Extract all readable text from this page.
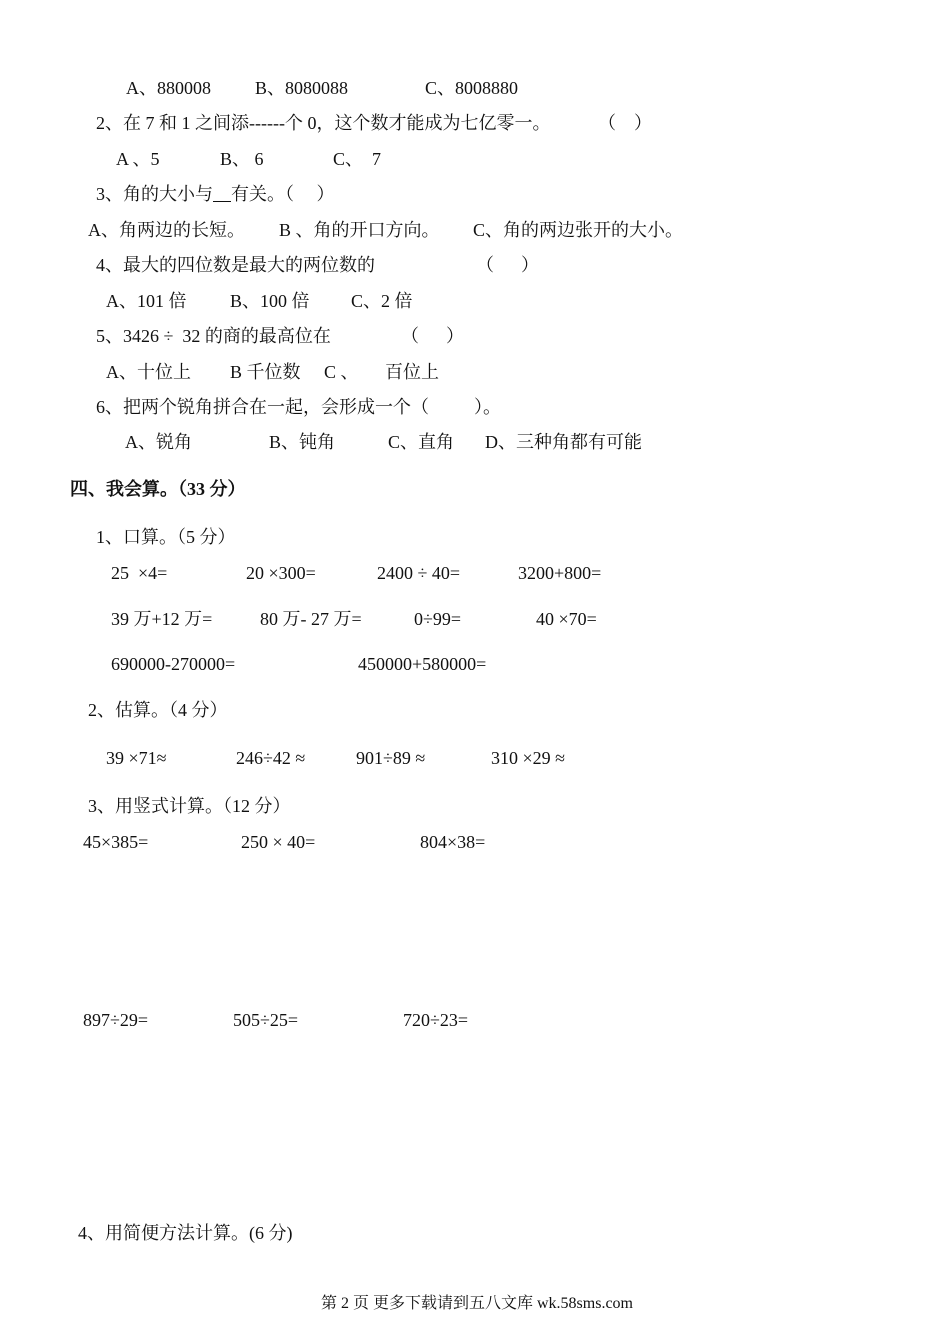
A、880008 B、8080088	C、8008880
2、在 7 和 1 之间添------个 0，这个数才能成为七亿零一。	（    ）
A 、5	B、 6	C、  7
3、角的大小与 有关。（     ）
A、角两边的长短。 B 、角的开口方向。 C、角的两边张开的大小。
4、最大的四位数是最大的两位数的	（      ）
A、101 倍 B、100 倍 C、2 倍
5、3426 ÷  32 的商的最高位在	（      ）
A、十位上 B 千位数 C 、 百位上
6、把两个锐角拼合在一起，会形成一个（          ）。
A、锐角	B、钝角	C、直角 D、三种角都有可能
四、我会算。（33 分）
1、口算。（5 分）
25  ×4=	20 ×300=	2400 ÷ 40=	3200+800=
39 万+12 万=	80 万- 27 万=	0÷99=	40 ×70=
690000-270000=	450000+580000=
2、估算。（4 分）
39 ×71≈	246÷42 ≈	901÷89 ≈	310 ×29 ≈
3、用竖式计算。（12 分）
45×385=	250 × 40=	804×38=
897÷29=	505÷25=	720÷23=
4、用简便方法计算。(6 分)
第 2 页 更多下载请到五八文库 wk.58sms.com
